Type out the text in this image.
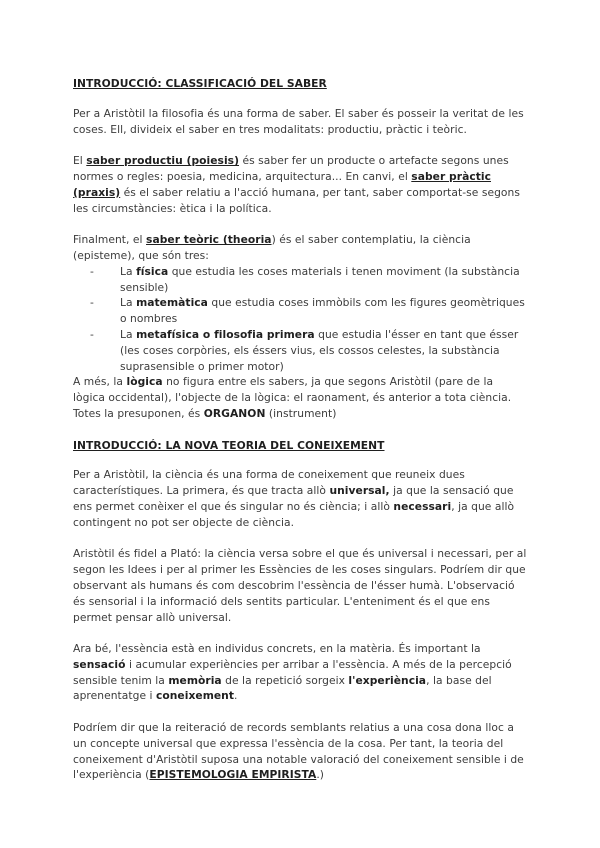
INTRODUCCIÓ: CLASSIFICACIÓ DEL SABER

Per a Aristòtil la filosofia és una forma de saber. El saber és posseir la veritat de les coses. Ell, divideix el saber en tres modalitats: productiu, pràctic i teòric.

El saber productiu (poiesis) és saber fer un producte o artefacte segons unes normes o regles: poesia, medicina, arquitectura... En canvi, el saber pràctic (praxis) és el saber relatiu a l'acció humana, per tant, saber comportat-se segons les circumstàncies: ètica i la política.

Finalment, el saber teòric (theoria) és el saber contemplatiu, la ciència (episteme), que són tres:

- La física que estudia les coses materials i tenen moviment (la substància sensible)
- La matemàtica que estudia coses immòbils com les figures geomètriques o nombres
- La metafísica o filosofia primera que estudia l'ésser en tant que ésser (les coses corpòries, els éssers vius, els cossos celestes, la substància suprasensible o primer motor)

A més, la lògica no figura entre els sabers, ja que segons Aristòtil (pare de la lògica occidental), l'objecte de la lògica: el raonament, és anterior a tota ciència. Totes la presuponen, és ORGANON (instrument)

INTRODUCCIÓ: LA NOVA TEORIA DEL CONEIXEMENT

Per a Aristòtil, la ciència és una forma de coneixement que reuneix dues característiques. La primera, és que tracta allò universal, ja que la sensació que ens permet conèixer el que és singular no és ciència; i allò necessari, ja que allò contingent no pot ser objecte de ciència.

Aristòtil és fidel a Plató: la ciència versa sobre el que és universal i necessari, per al segon les Idees i per al primer les Essències de les coses singulars. Podríem dir que observant als humans és com descobrim l'essència de l'ésser humà. L'observació és sensorial i la informació dels sentits particular. L'enteniment és el que ens permet pensar allò universal.

Ara bé, l'essència està en individus concrets, en la matèria. És important la sensació i acumular experiències per arribar a l'essència. A més de la percepció sensible tenim la memòria de la repetició sorgeix l'experiència, la base del aprenentatge i coneixement.

Podríem dir que la reiteració de records semblants relatius a una cosa dona lloc a un concepte universal que expressa l'essència de la cosa. Per tant, la teoria del coneixement d'Aristòtil suposa una notable valoració del coneixement sensible i de l'experiència (EPISTEMOLOGIA EMPIRISTA.)
